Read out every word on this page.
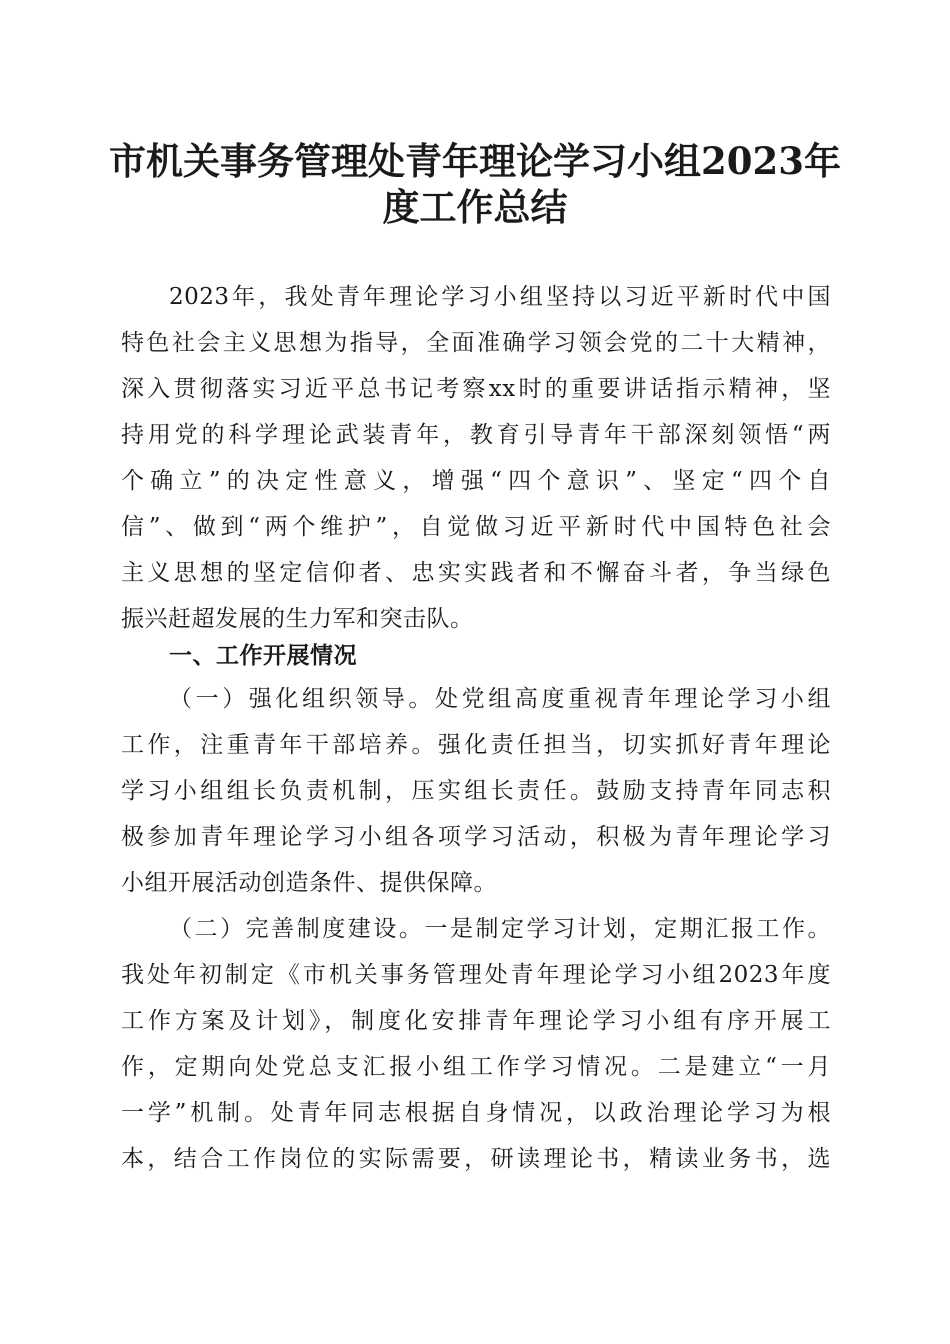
市机关事务管理处青年理论学习小组2023年
度工作总结
2023年，我处青年理论学习小组坚持以习近平新时代中国
特色社会主义思想为指导，全面准确学习领会党的二十大精神，
深入贯彻落实习近平总书记考察xx时的重要讲话指示精神，坚
持用党的科学理论武装青年，教育引导青年干部深刻领悟“两
个确立”的决定性意义，增强“四个意识”、坚定“四个自
信”、做到“两个维护”，自觉做习近平新时代中国特色社会
主义思想的坚定信仰者、忠实实践者和不懈奋斗者，争当绿色
振兴赶超发展的生力军和突击队。
一、工作开展情况
（一）强化组织领导。处党组高度重视青年理论学习小组
工作，注重青年干部培养。强化责任担当，切实抓好青年理论
学习小组组长负责机制，压实组长责任。鼓励支持青年同志积
极参加青年理论学习小组各项学习活动，积极为青年理论学习
小组开展活动创造条件、提供保障。
（二）完善制度建设。一是制定学习计划，定期汇报工作。
我处年初制定《市机关事务管理处青年理论学习小组2023年度
工作方案及计划》，制度化安排青年理论学习小组有序开展工
作，定期向处党总支汇报小组工作学习情况。二是建立“一月
一学”机制。处青年同志根据自身情况，以政治理论学习为根
本，结合工作岗位的实际需要，研读理论书，精读业务书，选
